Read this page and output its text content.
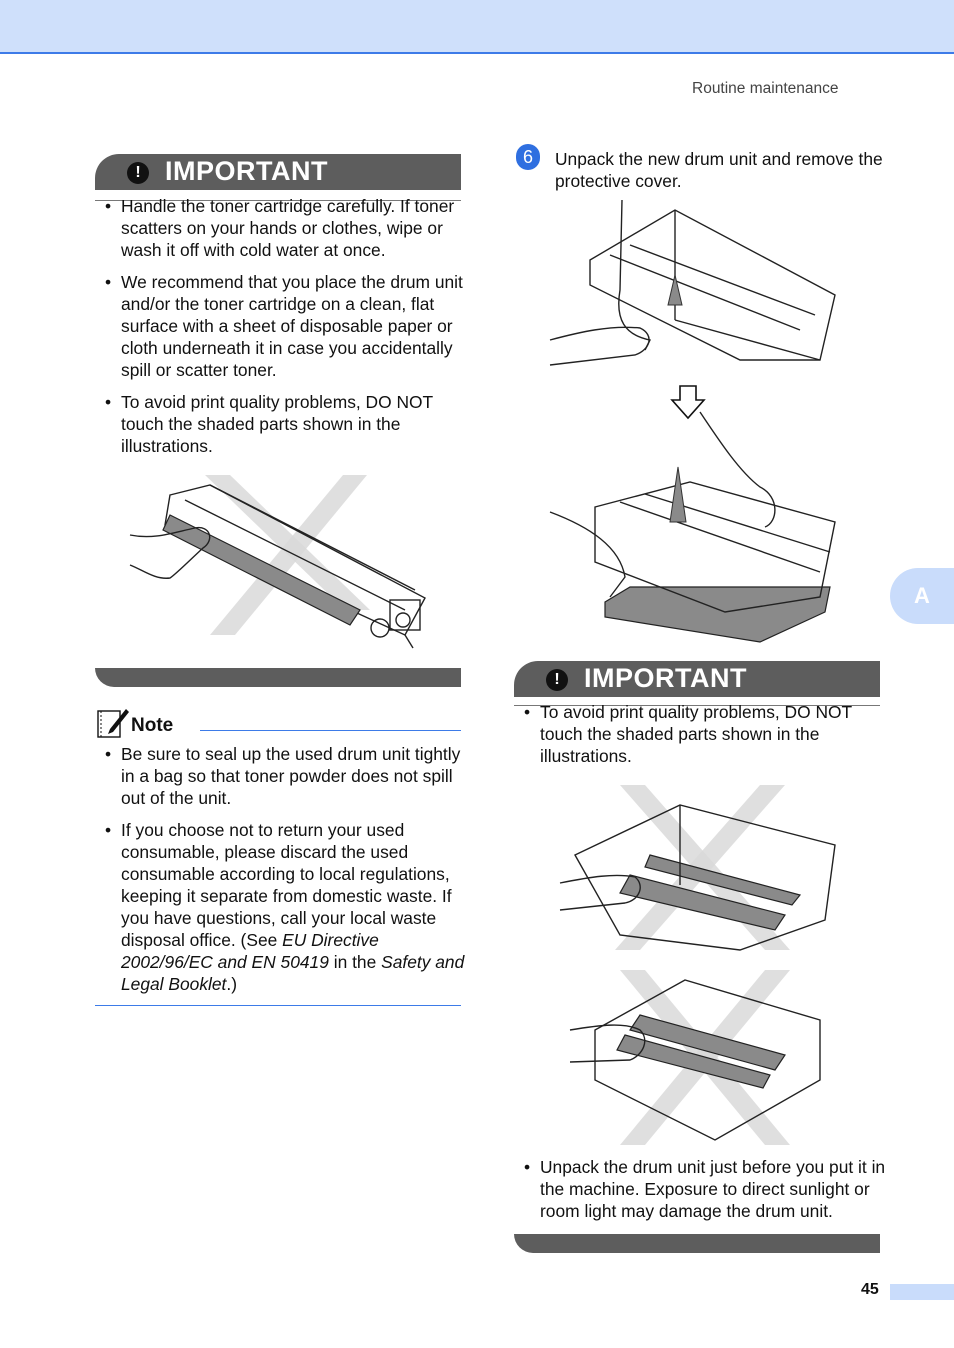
Routine maintenance
! IMPORTANT
• Handle the toner cartridge carefully. If toner scatters on your hands or clothes, wipe or wash it off with cold water at once.
• We recommend that you place the drum unit and/or the toner cartridge on a clean, flat surface with a sheet of disposable paper or cloth underneath it in case you accidentally spill or scatter toner.
• To avoid print quality problems, DO NOT touch the shaded parts shown in the illustrations.
Note
• Be sure to seal up the used drum unit tightly in a bag so that toner powder does not spill out of the unit.
• If you choose not to return your used consumable, please discard the used consumable according to local regulations, keeping it separate from domestic waste. If you have questions, call your local waste disposal office. (See EU Directive 2002/96/EC and EN 50419 in the Safety and Legal Booklet.)
6	Unpack the new drum unit and remove the protective cover.
! IMPORTANT
• To avoid print quality problems, DO NOT touch the shaded parts shown in the illustrations.
• Unpack the drum unit just before you put it in the machine. Exposure to direct sunlight or room light may damage the drum unit.
A
45
